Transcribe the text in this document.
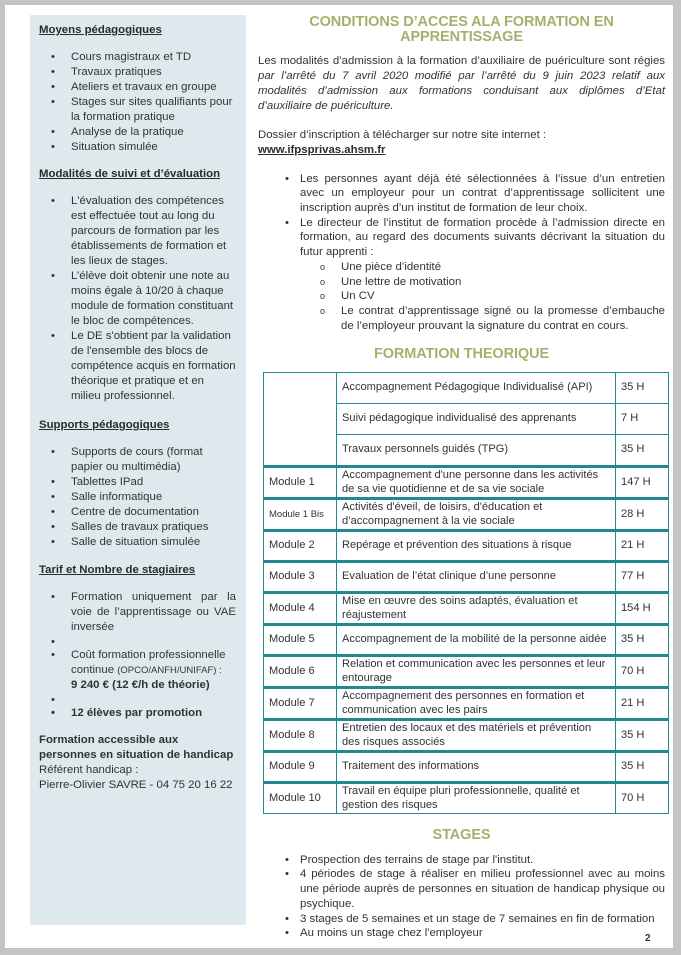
Moyens pédagogiques
• Cours magistraux et TD
• Travaux pratiques
• Ateliers et travaux en groupe
• Stages sur sites qualifiants pour la formation pratique
• Analyse de la pratique
• Situation simulée
Modalités de suivi et d’évaluation
• L'évaluation des compétences est effectuée tout au long du parcours de formation par les établissements de formation et les lieux de stages.
• L’élève doit obtenir une note au moins égale à 10/20 à chaque module de formation constituant le bloc de compétences.
• Le DE s'obtient par la validation de l'ensemble des blocs de compétence acquis en formation théorique et pratique et en milieu professionnel.
Supports pédagogiques
• Supports de cours (format papier ou multimédia)
• Tablettes IPad
• Salle informatique
• Centre de documentation
• Salles de travaux pratiques
• Salle de situation simulée
Tarif et Nombre de stagiaires
• Formation uniquement par la voie de l’apprentissage ou VAE inversée
•
• Coût formation professionnelle continue (OPCO/ANFH/UNIFAF) :
9 240 € (12 €/h de théorie)
•
• 12 élèves par promotion
Formation accessible aux personnes en situation de handicap
Référent handicap :
Pierre-Olivier SAVRE - 04 75 20 16 22
CONDITIONS D’ACCES ALA FORMATION EN APPRENTISSAGE

Les modalités d’admission à la formation d’auxiliaire de puériculture sont régies par l’arrêté du 7 avril 2020 modifié par l’arrêté du 9 juin 2023 relatif aux modalités d’admission aux formations conduisant aux diplômes d’Etat d’auxiliaire de puériculture.

Dossier d’inscription à télécharger sur notre site internet :
www.ifpsprivas.ahsm.fr
• Les personnes ayant déjà été sélectionnées à l’issue d’un entretien avec un employeur pour un contrat d’apprentissage sollicitent une inscription auprès d’un institut de formation de leur choix.
• Le directeur de l’institut de formation procède à l’admission directe en formation, au regard des documents suivants décrivant la situation du futur apprenti :
o Une pièce d’identité
o Une lettre de motivation
o Un CV
o Le contrat d’apprentissage signé ou la promesse d’embauche de l’employeur prouvant la signature du contrat en cours.
FORMATION THEORIQUE
	Accompagnement Pédagogique Individualisé (API)	35 H
	Suivi pédagogique individualisé des apprenants	7 H
	Travaux personnels guidés (TPG)	35 H
Module 1	Accompagnement d'une personne dans les activités de sa vie quotidienne et de sa vie sociale	147 H
Module 1 Bis	Activités d'éveil, de loisirs, d'éducation et d’accompagnement à la vie sociale	28 H
Module 2	Repérage et prévention des situations à risque	21 H
Module 3	Evaluation de l’état clinique d’une personne	77 H
Module 4	Mise en œuvre des soins adaptés, évaluation et réajustement	154 H
Module 5	Accompagnement de la mobilité de la personne aidée	35 H
Module 6	Relation et communication avec les personnes et leur entourage	70 H
Module 7	Accompagnement des personnes en formation et communication avec les pairs	21 H
Module 8	Entretien des locaux et des matériels et prévention des risques associés	35 H
Module 9	Traitement des informations	35 H
Module 10	Travail en équipe pluri professionnelle, qualité et gestion des risques	70 H
STAGES
• Prospection des terrains de stage par l'institut.
• 4 périodes de stage à réaliser en milieu professionnel avec au moins une période auprès de personnes en situation de handicap physique ou psychique.
• 3 stages de 5 semaines et un stage de 7 semaines en fin de formation
• Au moins un stage chez l'employeur	2
